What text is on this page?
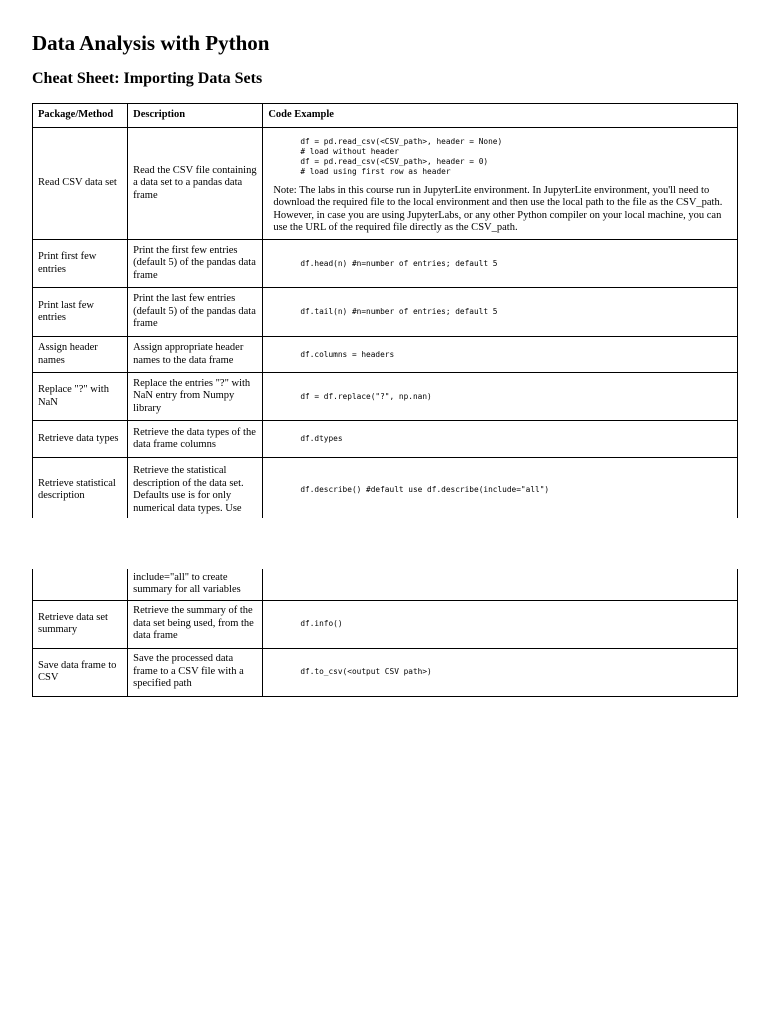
Data Analysis with Python
Cheat Sheet: Importing Data Sets
Package/Method	Description	Code Example
Read CSV data set	Read the CSV file containing a data set to a pandas data frame	df = pd.read_csv(<CSV_path>, header = None)
# load without header
df = pd.read_csv(<CSV_path>, header = 0)
# load using first row as header
Note: The labs in this course run in JupyterLite environment. In JupyterLite environment, you'll need to download the required file to the local environment and then use the local path to the file as the CSV_path. However, in case you are using JupyterLabs, or any other Python compiler on your local machine, you can use the URL of the required file directly as the CSV_path.

Print first few entries	Print the first few entries (default 5) of the pandas data frame	df.head(n) #n=number of entries; default 5

Print last few entries	Print the last few entries (default 5) of the pandas data frame	df.tail(n) #n=number of entries; default 5

Assign header names	Assign appropriate header names to the data frame	df.columns = headers

Replace "?" with NaN	Replace the entries "?" with NaN entry from Numpy library	df = df.replace("?", np.nan)

Retrieve data types	Retrieve the data types of the data frame columns	df.dtypes

Retrieve statistical description	Retrieve the statistical description of the data set. Defaults use is for only numerical data types. Use	df.describe() #default use df.describe(include="all")
	include="all" to create summary for all variables	
Retrieve data set summary	Retrieve the summary of the data set being used, from the data frame	df.info()

Save data frame to CSV	Save the processed data frame to a CSV file with a specified path	df.to_csv(<output CSV path>)
